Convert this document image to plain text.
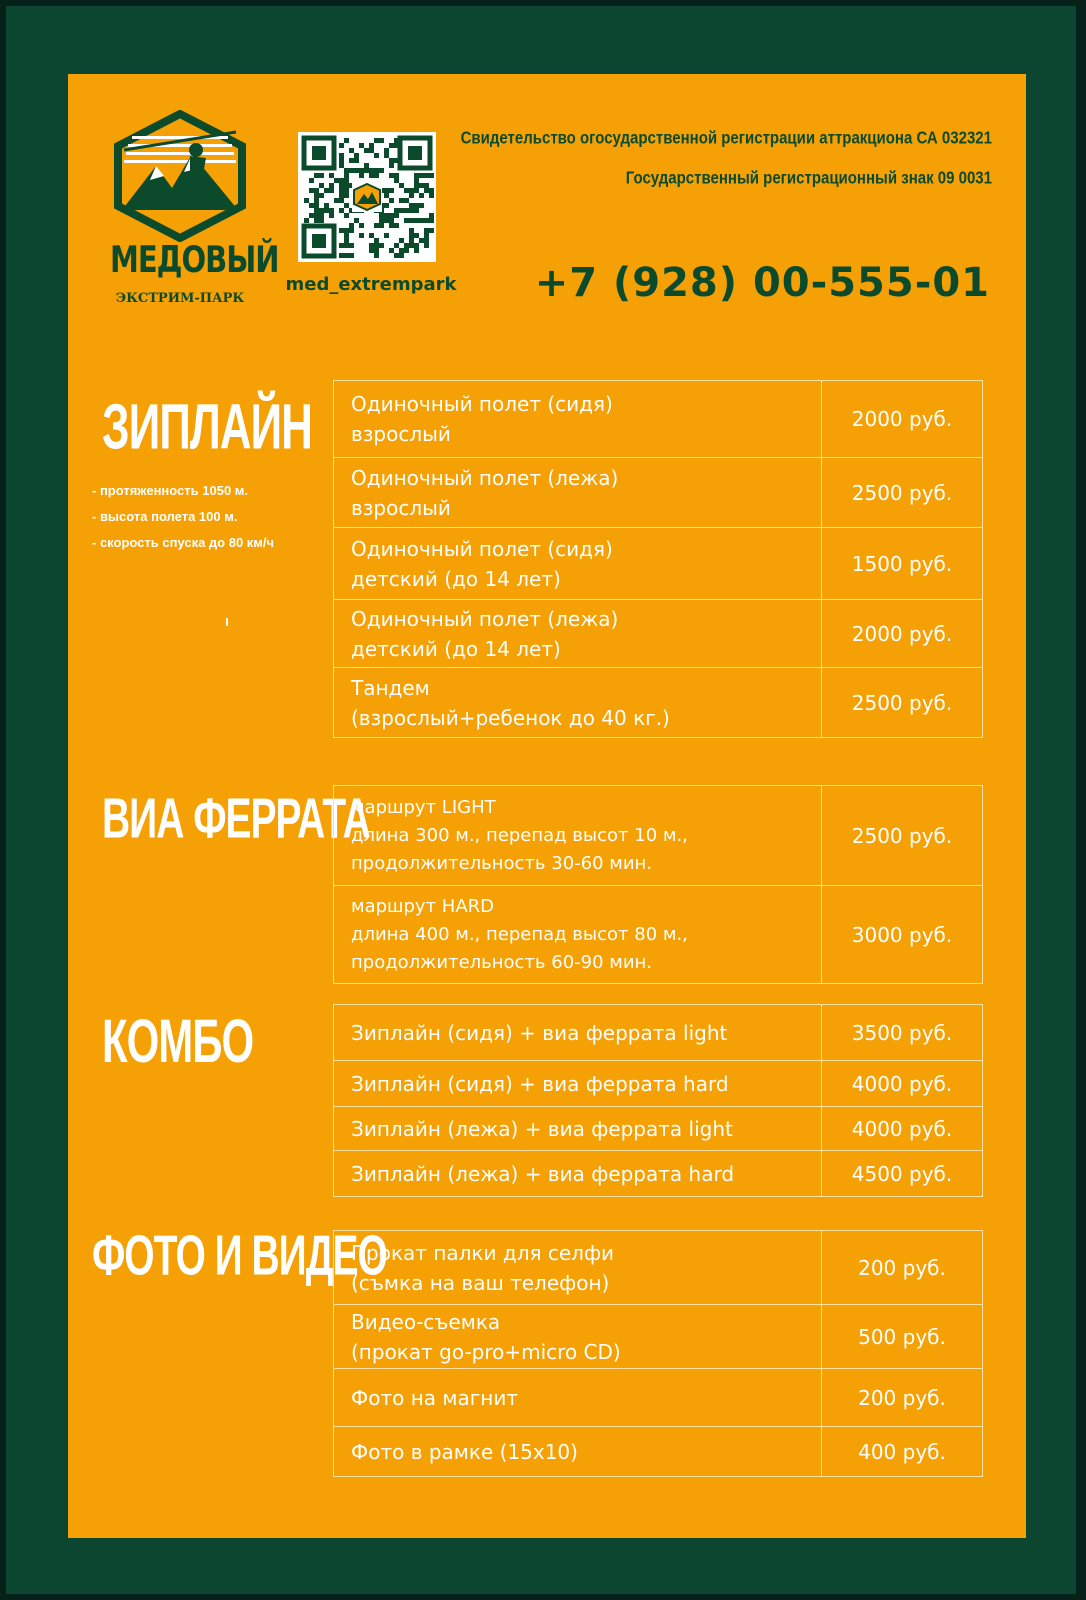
МЕДОВЫЙ
ЭКСТРИМ-ПАРК
med_extrempark
Свидетельство огосударственной регистрации аттракциона СА 032321
Государственный регистрационный знак 09 0031
+7 (928) 00-555-01
ЗИПЛАЙН
- протяженность 1050 м.
- высота полета 100 м.
- скорость спуска до 80 км/ч
Одиночный полет (сидя)
взрослый	2000 руб.

Одиночный полет (лежа)
взрослый	2500 руб.

Одиночный полет (сидя)
детский (до 14 лет)	1500 руб.

Одиночный полет (лежа)
детский (до 14 лет)	2000 руб.

Тандем
(взрослый+ребенок до 40 кг.)	2500 руб.
ВИА ФЕРРАТА
маршрут LIGHT
длина 300 м., перепад высот 10 м.,
продолжительность 30-60 мин.	2500 руб.

маршрут HARD
длина 400 м., перепад высот 80 м.,
продолжительность 60-90 мин.	3000 руб.
КОМБО	Зиплайн (сидя) + виа феррата light	3500 руб.
Зиплайн (сидя) + виа феррата hard	4000 руб.
Зиплайн (лежа) + виа феррата light	4000 руб.
Зиплайн (лежа) + виа феррата hard	4500 руб.
ФОТО И ВИДЕО
Прокат палки для селфи
(съмка на ваш телефон)	200 руб.

Видео-съемка
(прокат go-pro+micro CD)	500 руб.
Фото на магнит	200 руб.
Фото в рамке (15х10)	400 руб.
